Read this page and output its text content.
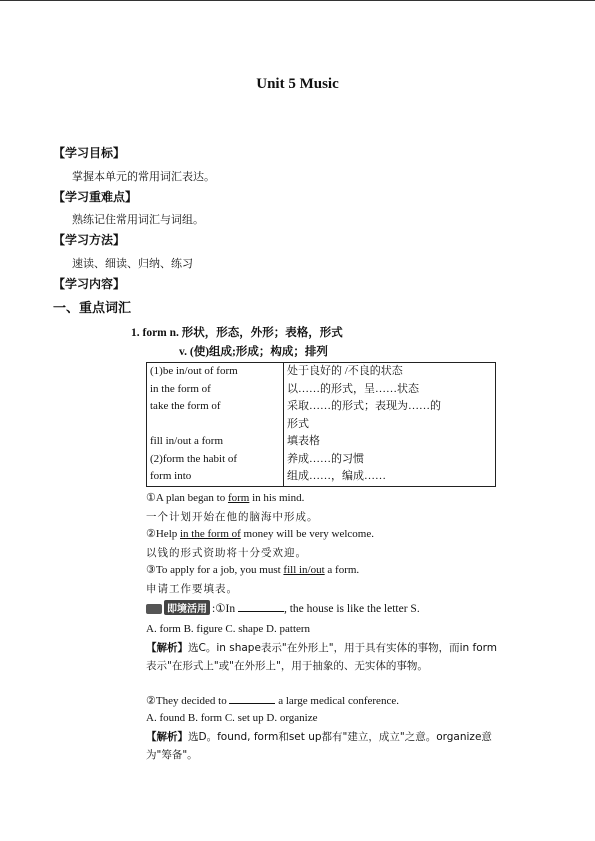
Unit 5 Music
【学习目标】
掌握本单元的常用词汇表达。
【学习重难点】
熟练记住常用词汇与词组。
【学习方法】
速读、细读、归纳、练习
【学习内容】
一、重点词汇
1. form n. 形状，形态，外形；表格，形式
v. (使)组成;形成；构成；排列
(1)be in/out of form	处于良好的 /不良的状态
in the form of	以……的形式，呈……状态
take the form of	采取……的形式；表现为……的
	形式
fill in/out a form	填表格
(2)form the habit of	养成……的习惯
form into	组成……，编成……
①A plan began to form in his mind.
一个计划开始在他的脑海中形成。
②Help in the form of money will be very welcome.
以钱的形式资助将十分受欢迎。
③To apply for a job, you must fill in/out a form.
申请工作要填表。
即境活用 :①In	, the house is like the letter S.
A. form B. figure C. shape D. pattern
【解析】选C。in shape表示"在外形上"，用于具有实体的事物，而in form表示"在形式上"或"在外形上"，用于抽象的、无实体的事物。
②They decided to	a large medical conference.
A. found B. form C. set up D. organize
【解析】选D。found, form和set up都有"建立，成立"之意。organize意为"筹备"。
